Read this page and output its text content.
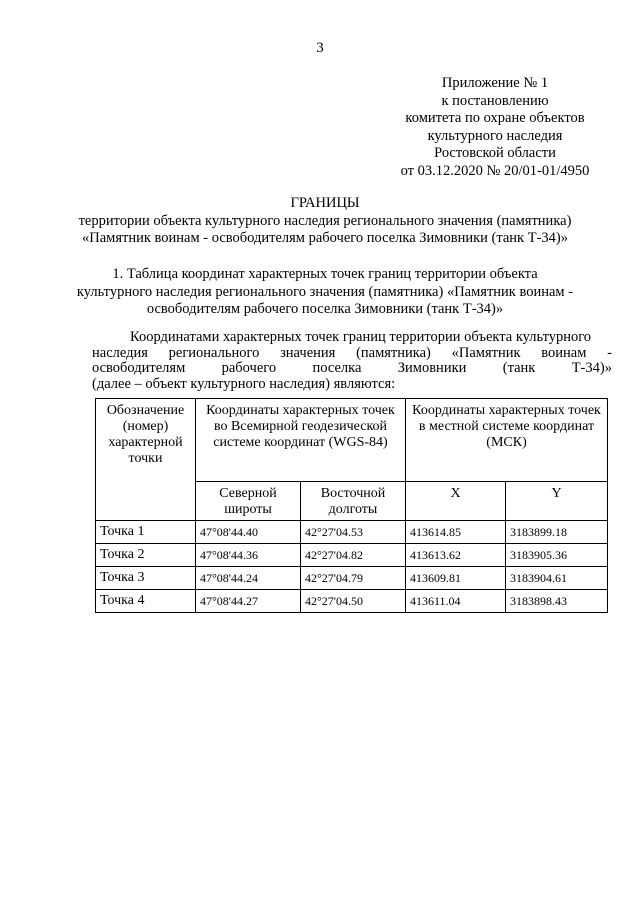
3
Приложение № 1
к постановлению
комитета по охране объектов
культурного наследия
Ростовской области
от 03.12.2020 № 20/01-01/4950
ГРАНИЦЫ
территории объекта культурного наследия регионального значения (памятника)
«Памятник воинам - освободителям рабочего поселка Зимовники (танк Т-34)»
1. Таблица координат характерных точек границ территории объекта
культурного наследия регионального значения (памятника) «Памятник воинам -
освободителям рабочего поселка Зимовники (танк Т-34)»
Координатами характерных точек границ территории объекта культурного
наследия регионального значения (памятника) «Памятник воинам -
освободителям	рабочего	поселка	Зимовники	(танк	Т-34)»
(далее – объект культурного наследия) являются:
Обозначение (номер) характерной точки	Координаты характерных точек во Всемирной геодезической системе координат (WGS-84)		Координаты характерных точек в местной системе координат (МСК)	
	Северной широты	Восточной долготы	X	Y
Точка 1	47°08'44.40	42°27'04.53	413614.85	3183899.18
Точка 2	47°08'44.36	42°27'04.82	413613.62	3183905.36
Точка 3	47°08'44.24	42°27'04.79	413609.81	3183904.61
Точка 4	47°08'44.27	42°27'04.50	413611.04	3183898.43
